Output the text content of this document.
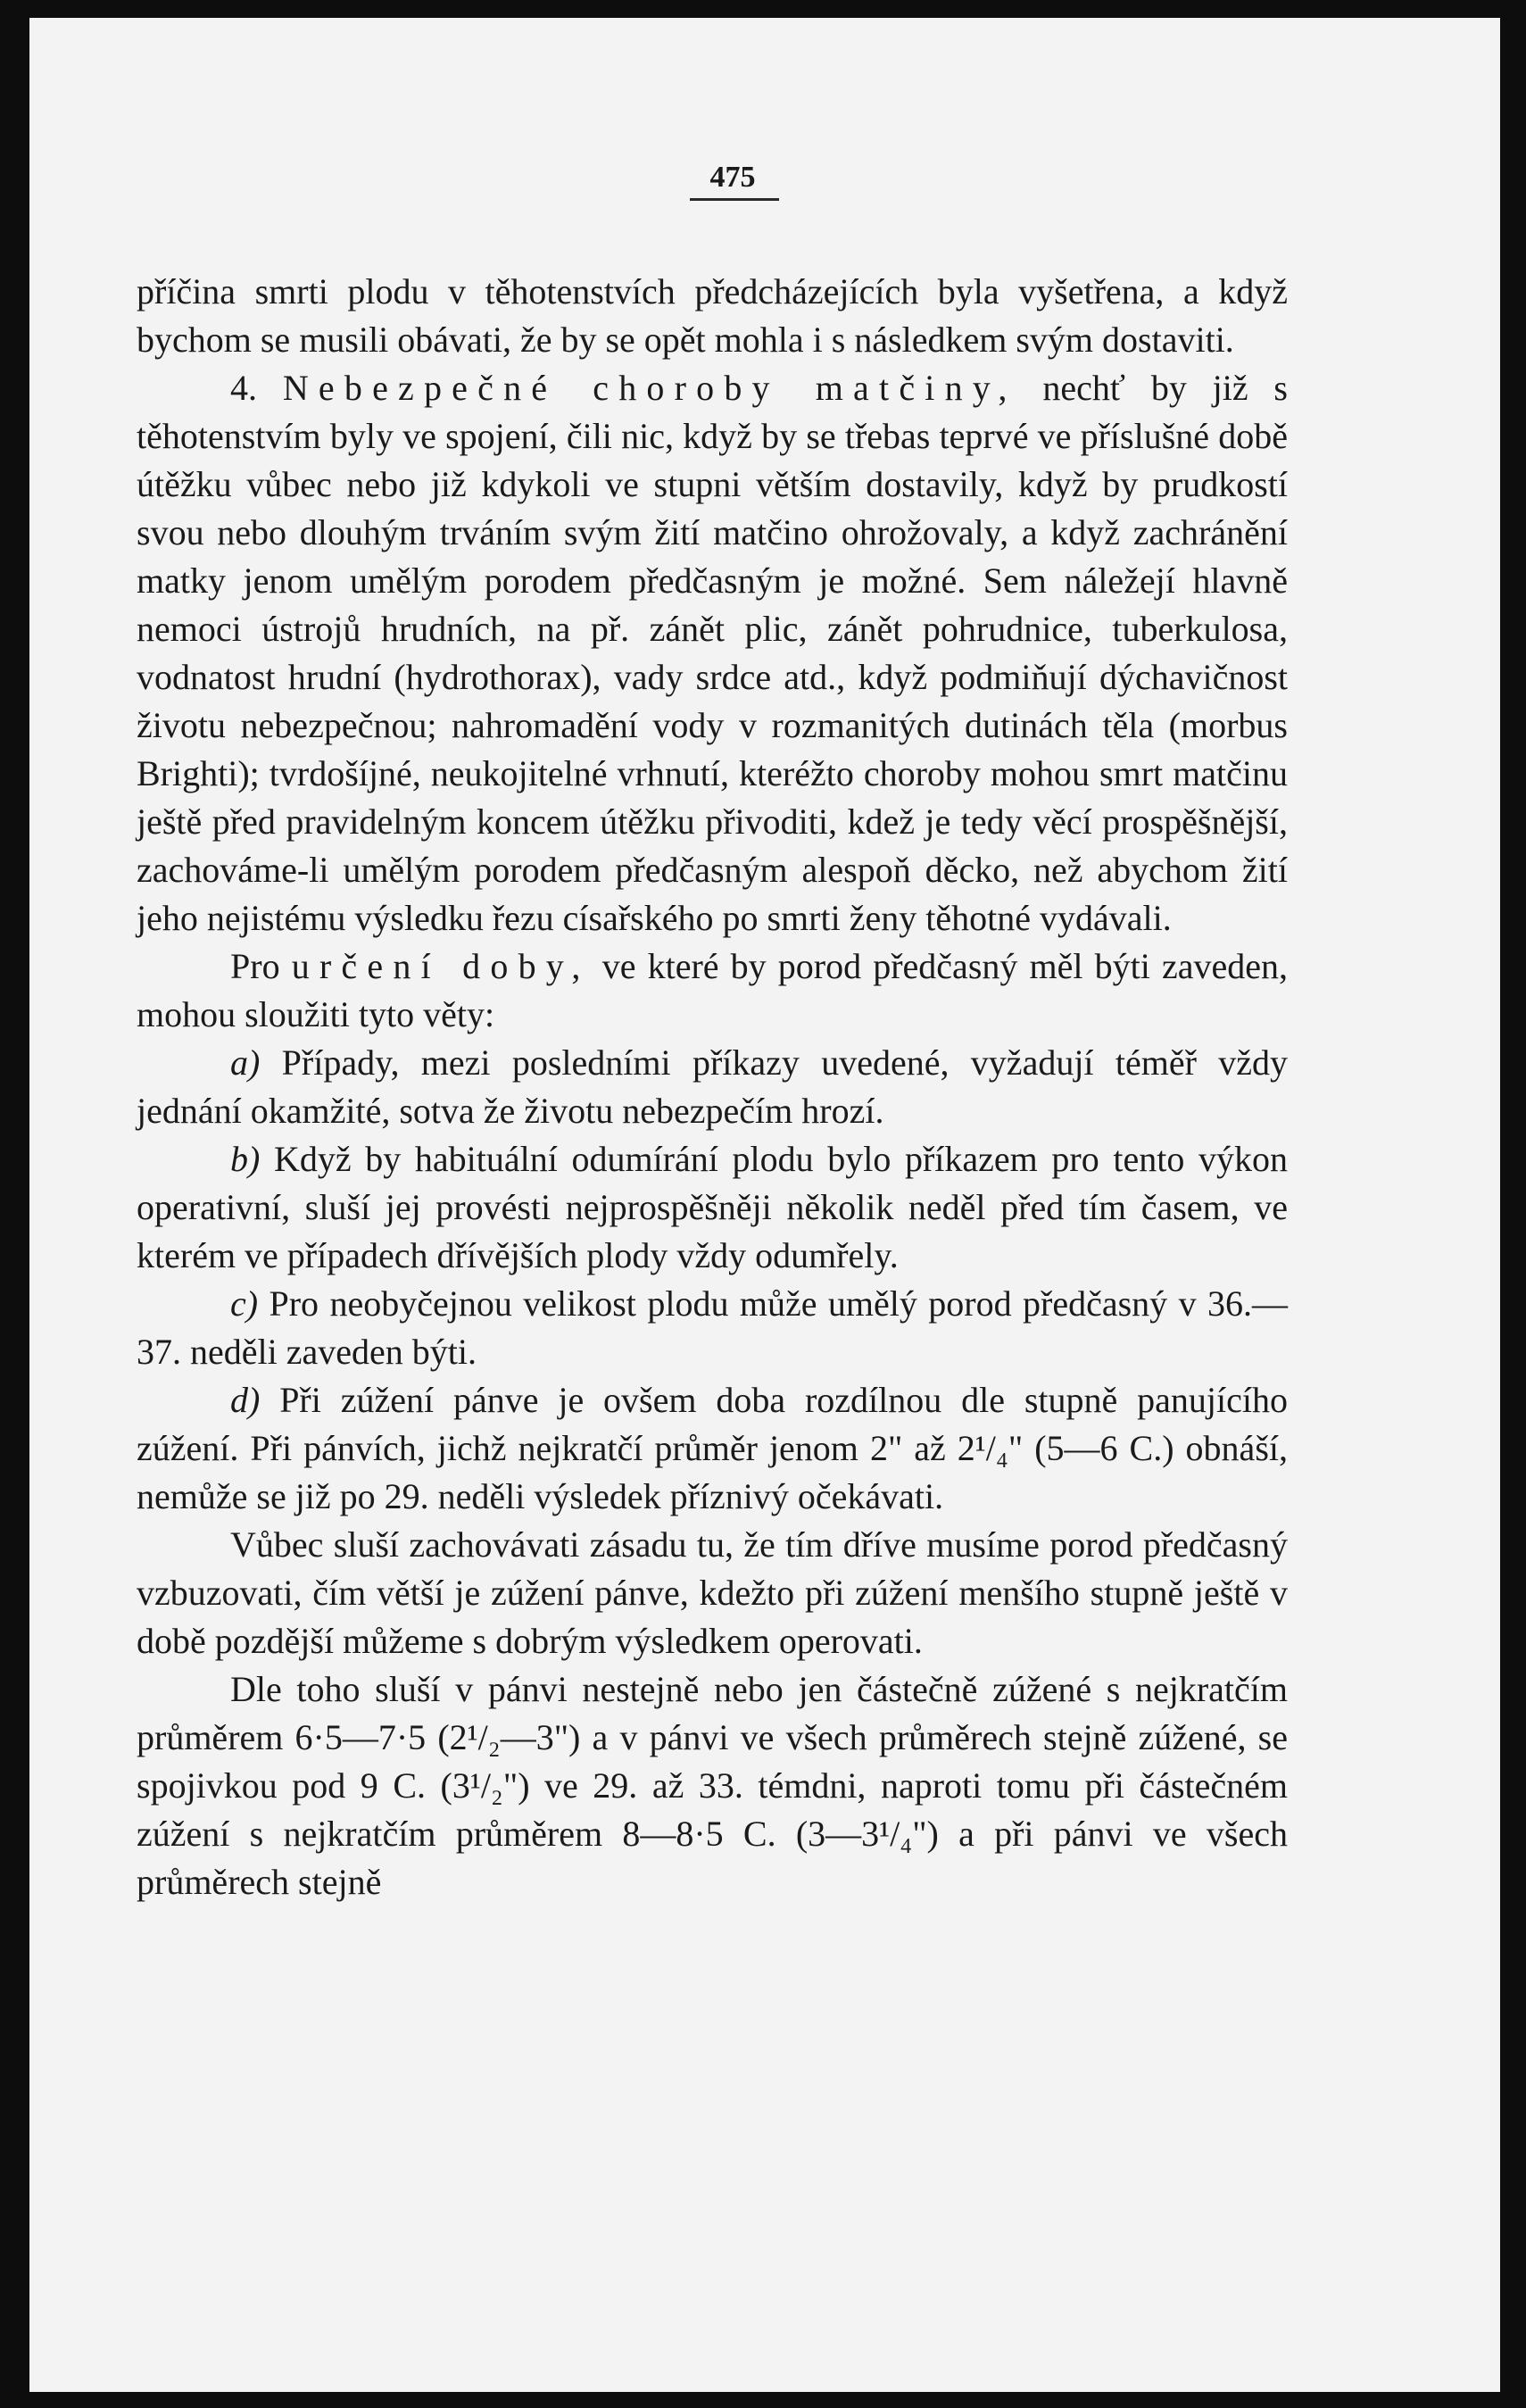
475

příčina smrti plodu v těhotenstvích předcházejících byla vyšetřena, a když bychom se musili obávati, že by se opět mohla i s následkem svým dostaviti.

4. Nebezpečné choroby matčiny, nechť by již s těhotenstvím byly ve spojení, čili nic, když by se třebas teprvé ve příslušné době útěžku vůbec nebo již kdykoli ve stupni větším dostavily, když by prudkostí svou nebo dlouhým trváním svým žití matčino ohrožovaly, a když zachránění matky jenom umělým porodem předčasným je možné. Sem náležejí hlavně nemoci ústrojů hrudních, na př. zánět plic, zánět pohrudnice, tuberkulosa, vodnatost hrudní (hydrothorax), vady srdce atd., když podmiňují dýchavičnost životu nebezpečnou; nahromadění vody v rozmanitých dutinách těla (morbus Brighti); tvrdošíjné, neukojitelné vrhnutí, kteréžto choroby mohou smrt matčinu ještě před pravidelným koncem útěžku přivoditi, kdež je tedy věcí prospěšnější, zachováme-li umělým porodem předčasným alespoň děcko, než abychom žití jeho nejistému výsledku řezu císařského po smrti ženy těhotné vydávali.

Pro určení doby, ve které by porod předčasný měl býti zaveden, mohou sloužiti tyto věty:

a) Případy, mezi posledními příkazy uvedené, vyžadují téměř vždy jednání okamžité, sotva že životu nebezpečím hrozí.

b) Když by habituální odumírání plodu bylo příkazem pro tento výkon operativní, sluší jej provésti nejprospěšněji několik neděl před tím časem, ve kterém ve případech dřívějších plody vždy odumřely.

c) Pro neobyčejnou velikost plodu může umělý porod předčasný v 36.—37. neděli zaveden býti.

d) Při zúžení pánve je ovšem doba rozdílnou dle stupně panujícího zúžení. Při pánvích, jichž nejkratčí průměr jenom 2" až 2¹/₄" (5—6 C.) obnáší, nemůže se již po 29. neděli výsledek příznivý očekávati.

Vůbec sluší zachovávati zásadu tu, že tím dříve musíme porod předčasný vzbuzovati, čím větší je zúžení pánve, kdežto při zúžení menšího stupně ještě v době pozdější můžeme s dobrým výsledkem operovati.

Dle toho sluší v pánvi nestejně nebo jen částečně zúžené s nejkratčím průměrem 6·5—7·5 (2¹/₂—3") a v pánvi ve všech průměrech stejně zúžené, se spojivkou pod 9 C. (3¹/₂") ve 29. až 33. témdni, naproti tomu při částečném zúžení s nejkratčím průměrem 8—8·5 C. (3—3¹/₄") a při pánvi ve všech průměrech stejně
